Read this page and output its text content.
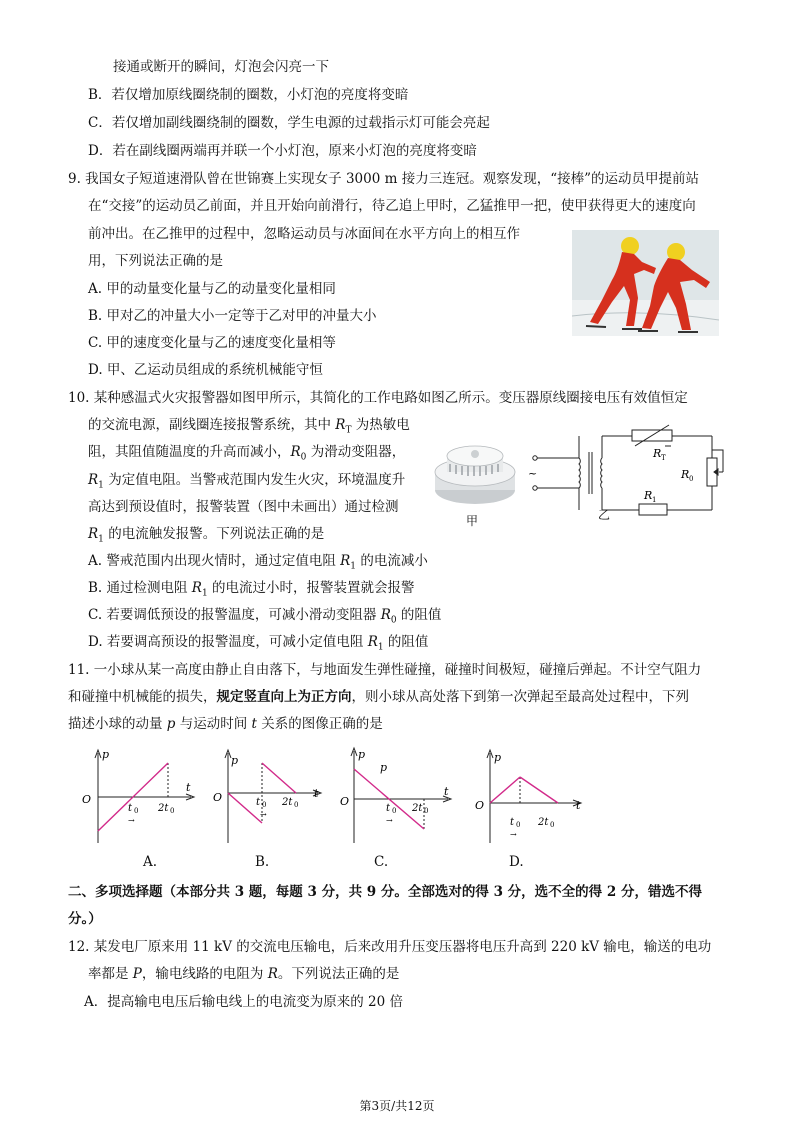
接通或断开的瞬间，灯泡会闪亮一下
B．若仅增加原线圈绕制的圈数，小灯泡的亮度将变暗
C．若仅增加副线圈绕制的圈数，学生电源的过载指示灯可能会亮起
D．若在副线圈两端再并联一个小灯泡，原来小灯泡的亮度将变暗
9. 我国女子短道速滑队曾在世锦赛上实现女子 3000 m 接力三连冠。观察发现，“接棒”的运动员甲提前站
在“交接”的运动员乙前面，并且开始向前滑行，待乙追上甲时，乙猛推甲一把，使甲获得更大的速度向
前冲出。在乙推甲的过程中，忽略运动员与冰面间在水平方向上的相互作
用，下列说法正确的是
A. 甲的动量变化量与乙的动量变化量相同
B. 甲对乙的冲量大小一定等于乙对甲的冲量大小
C. 甲的速度变化量与乙的速度变化量相等
D. 甲、乙运动员组成的系统机械能守恒
10. 某种感温式火灾报警器如图甲所示，其简化的工作电路如图乙所示。变压器原线圈接电压有效值恒定
的交流电源，副线圈连接报警系统，其中 $R_T$ 为热敏电
阻，其阻值随温度的升高而减小，$R_0$ 为滑动变阻器，
$R_1$ 为定值电阻。当警戒范围内发生火灾，环境温度升
高达到预设值时，报警装置（图中未画出）通过检测
$R_1$ 的电流触发报警。下列说法正确的是
A. 警戒范围内出现火情时，通过定值电阻 $R_1$ 的电流减小
B. 通过检测电阻 $R_1$ 的电流过小时，报警装置就会报警
C. 若要调低预设的报警温度，可减小滑动变阻器 $R_0$ 的阻值
D. 若要调高预设的报警温度，可减小定值电阻 $R_1$ 的阻值
甲
~
R T
R 0
R 1
乙
11. 一小球从某一高度由静止自由落下，与地面发生弹性碰撞，碰撞时间极短，碰撞后弹起。不计空气阻力
和碰撞中机械能的损失，规定竖直向上为正方向，则小球从高处落下到第一次弹起至最高处过程中，下列
描述小球的动量 p 与运动时间 t 关系的图像正确的是
p
t
O
t 0 2t 0
→
p
t
O	t 0 2t 0
→
p
p
t
O
t 0 2t 0
→
p
t
O
t 0 2t 0
→
A.	B.	C.	D.
二、多项选择题（本部分共 3 题，每题 3 分，共 9 分。全部选对的得 3 分，选不全的得 2 分，错选不得
分。）
12. 某发电厂原来用 11 kV 的交流电压输电，后来改用升压变压器将电压升高到 220 kV 输电，输送的电功
率都是 P，输电线路的电阻为 R。下列说法正确的是
A．提高输电电压后输电线上的电流变为原来的 20 倍
第3页/共12页
